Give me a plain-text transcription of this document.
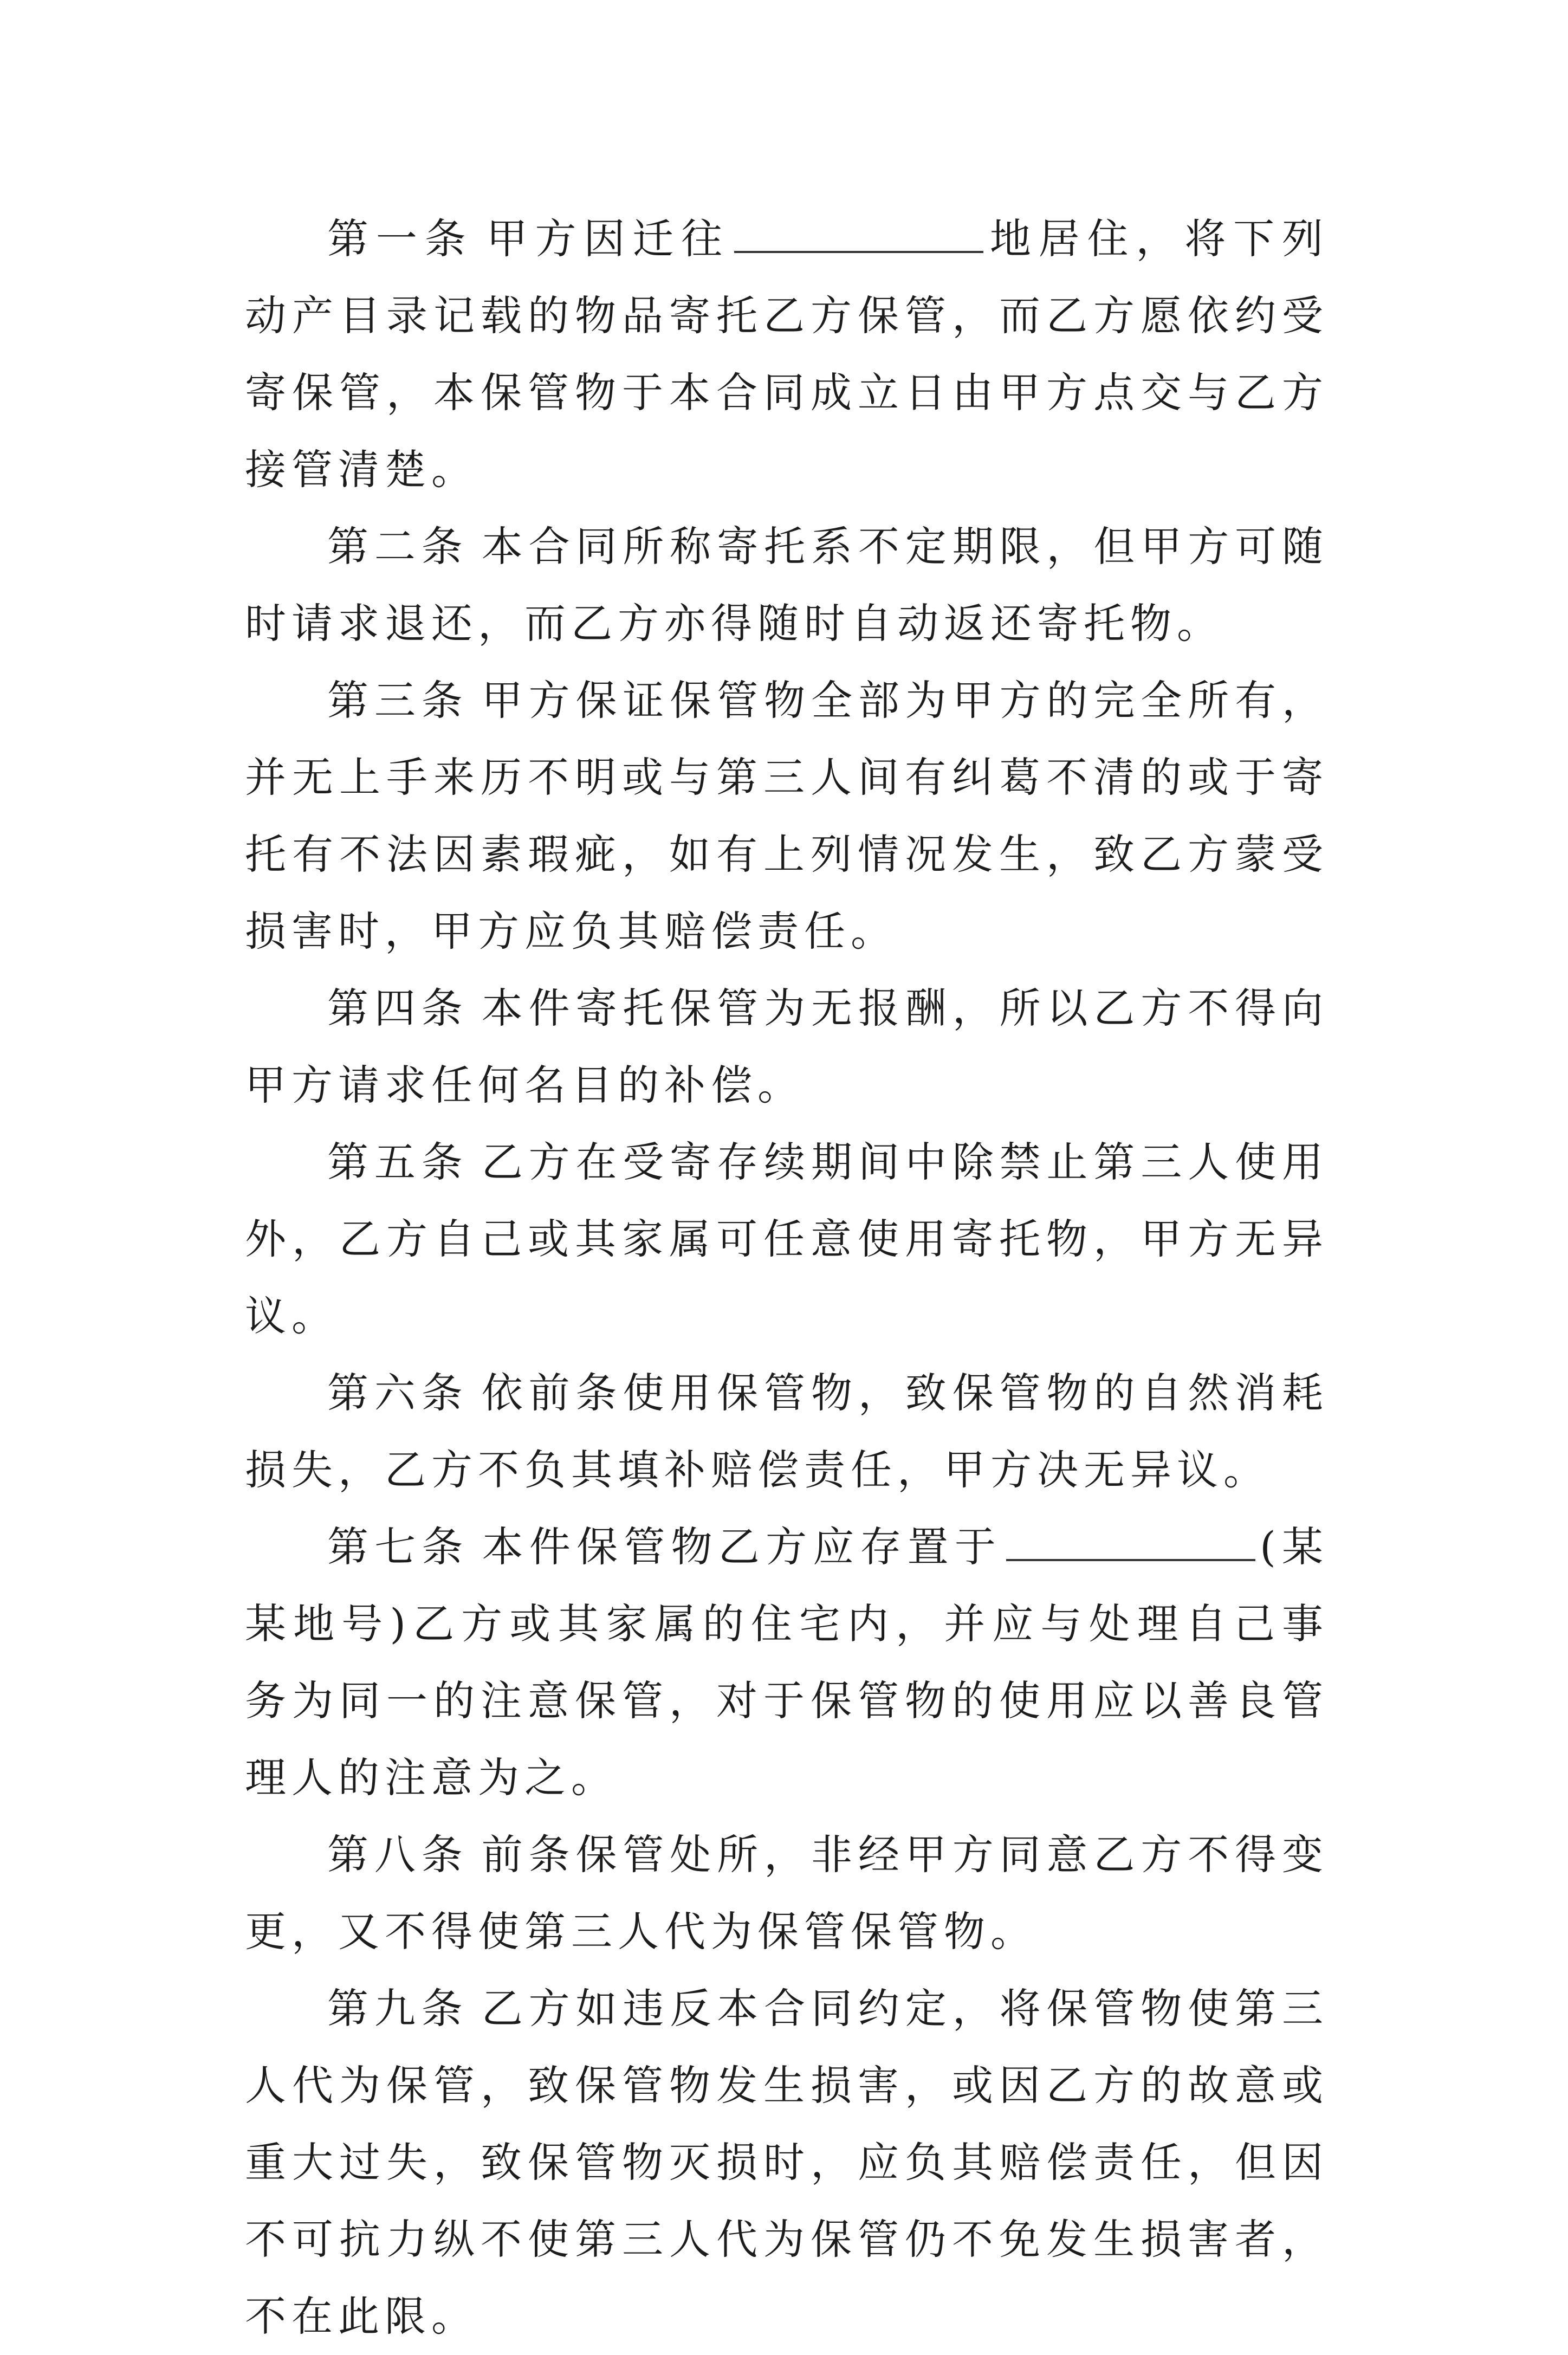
第一条 甲方因迁往	地居住，将下列动产目录记载的物品寄托乙方保管，而乙方愿依约受寄保管，本保管物于本合同成立日由甲方点交与乙方接管清楚。

第二条 本合同所称寄托系不定期限，但甲方可随时请求退还，而乙方亦得随时自动返还寄托物。

第三条 甲方保证保管物全部为甲方的完全所有，并无上手来历不明或与第三人间有纠葛不清的或于寄托有不法因素瑕疵，如有上列情况发生，致乙方蒙受损害时，甲方应负其赔偿责任。

第四条 本件寄托保管为无报酬，所以乙方不得向甲方请求任何名目的补偿。

第五条 乙方在受寄存续期间中除禁止第三人使用外，乙方自己或其家属可任意使用寄托物，甲方无异议。

第六条 依前条使用保管物，致保管物的自然消耗损失，乙方不负其填补赔偿责任，甲方决无异议。

第七条 本件保管物乙方应存置于	(某某地号)乙方或其家属的住宅内，并应与处理自己事务为同一的注意保管，对于保管物的使用应以善良管理人的注意为之。

第八条 前条保管处所，非经甲方同意乙方不得变更，又不得使第三人代为保管保管物。

第九条 乙方如违反本合同约定，将保管物使第三人代为保管，致保管物发生损害，或因乙方的故意或重大过失，致保管物灭损时，应负其赔偿责任，但因不可抗力纵不使第三人代为保管仍不免发生损害者，不在此限。
